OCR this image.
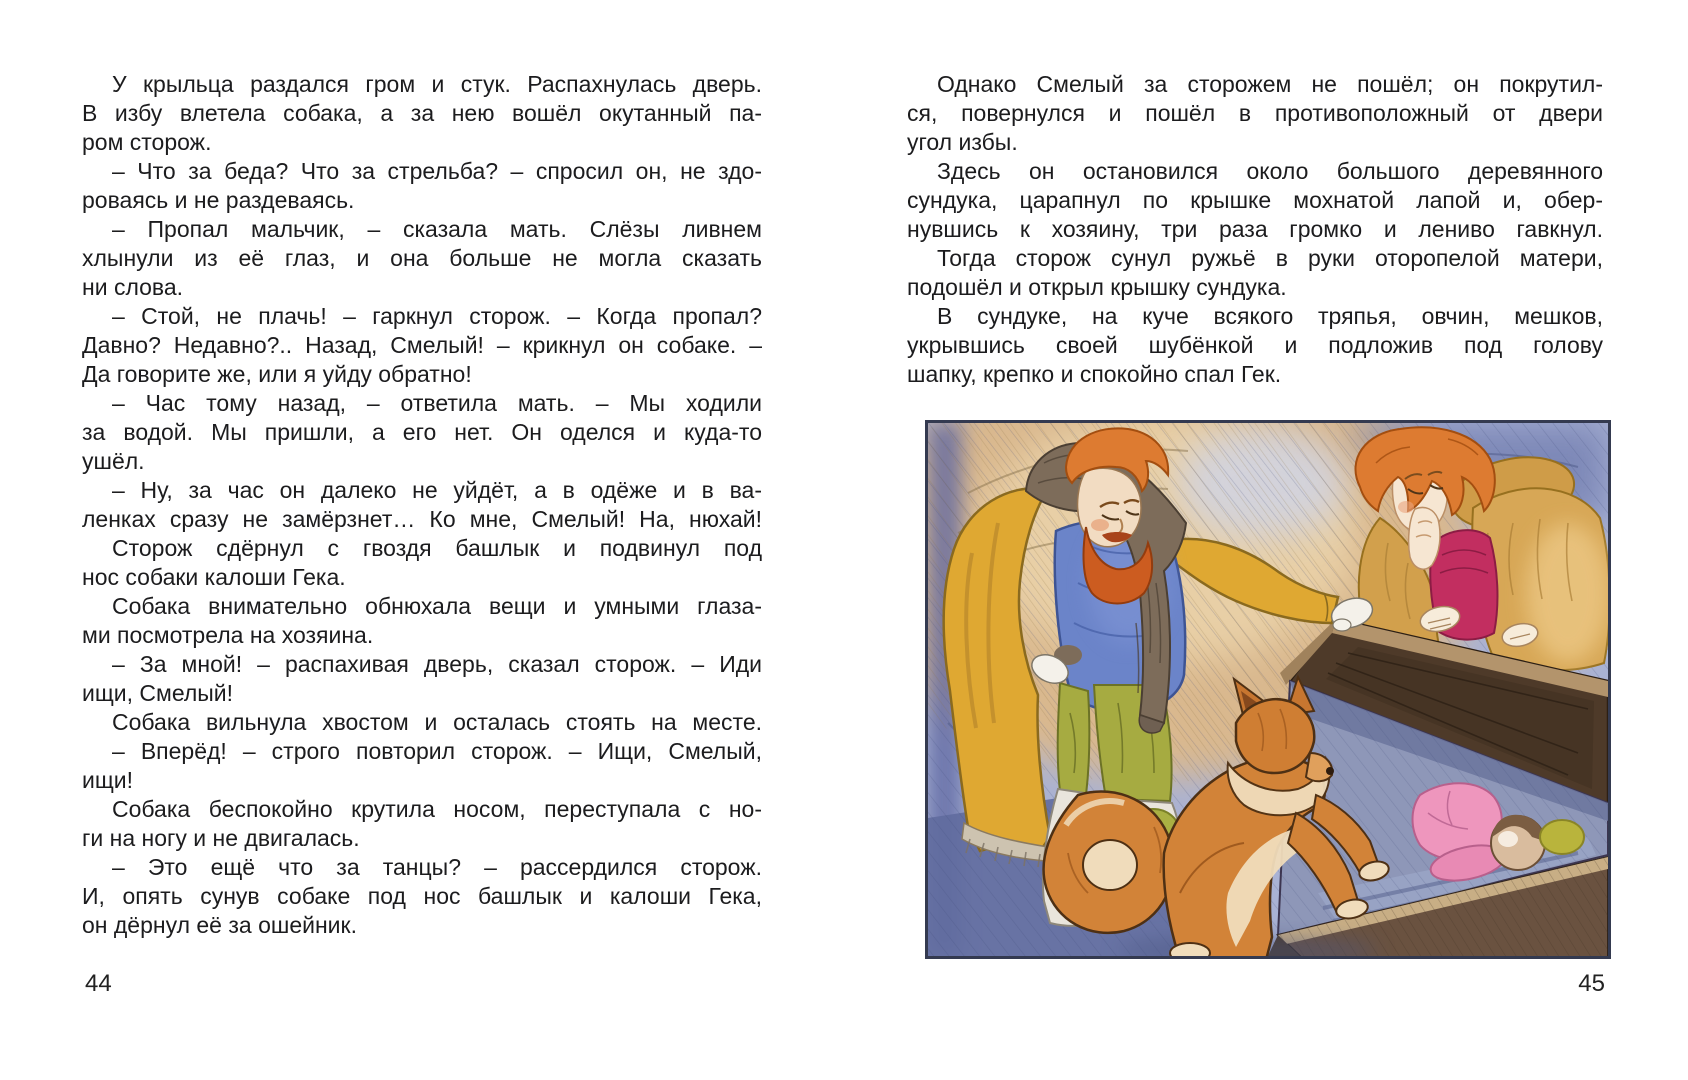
У крыльца раздался гром и стук. Распахнулась дверь.
В избу влетела собака, а за нею вошёл окутанный па-
ром сторож.
– Что за беда? Что за стрельба? – спросил он, не здо-
роваясь и не раздеваясь.
– Пропал мальчик, – сказала мать. Слёзы ливнем
хлынули из её глаз, и она больше не могла сказать
ни слова.
– Стой, не плачь! – гаркнул сторож. – Когда пропал?
Давно? Недавно?.. Назад, Смелый! – крикнул он собаке. –
Да говорите же, или я уйду обратно!
– Час тому назад, – ответила мать. – Мы ходили
за водой. Мы пришли, а его нет. Он оделся и куда-то
ушёл.
– Ну, за час он далеко не уйдёт, а в одёже и в ва-
ленках сразу не замёрзнет… Ко мне, Смелый! На, нюхай!
Сторож сдёрнул с гвоздя башлык и подвинул под
нос собаки калоши Гека.
Собака внимательно обнюхала вещи и умными глаза-
ми посмотрела на хозяина.
– За мной! – распахивая дверь, сказал сторож. – Иди
ищи, Смелый!
Собака вильнула хвостом и осталась стоять на месте.
– Вперёд! – строго повторил сторож. – Ищи, Смелый,
ищи!
Собака беспокойно крутила носом, переступала с но-
ги на ногу и не двигалась.
– Это ещё что за танцы? – рассердился сторож.
И, опять сунув собаке под нос башлык и калоши Гека,
он дёрнул её за ошейник.
Однако Смелый за сторожем не пошёл; он покрутил-
ся, повернулся и пошёл в противоположный от двери
угол избы.
Здесь он остановился около большого деревянного
сундука, царапнул по крышке мохнатой лапой и, обер-
нувшись к хозяину, три раза громко и лениво гавкнул.
Тогда сторож сунул ружьё в руки оторопелой матери,
подошёл и открыл крышку сундука.
В сундуке, на куче всякого тряпья, овчин, мешков,
укрывшись своей шубёнкой и подложив под голову
шапку, крепко и спокойно спал Гек.
44	45
